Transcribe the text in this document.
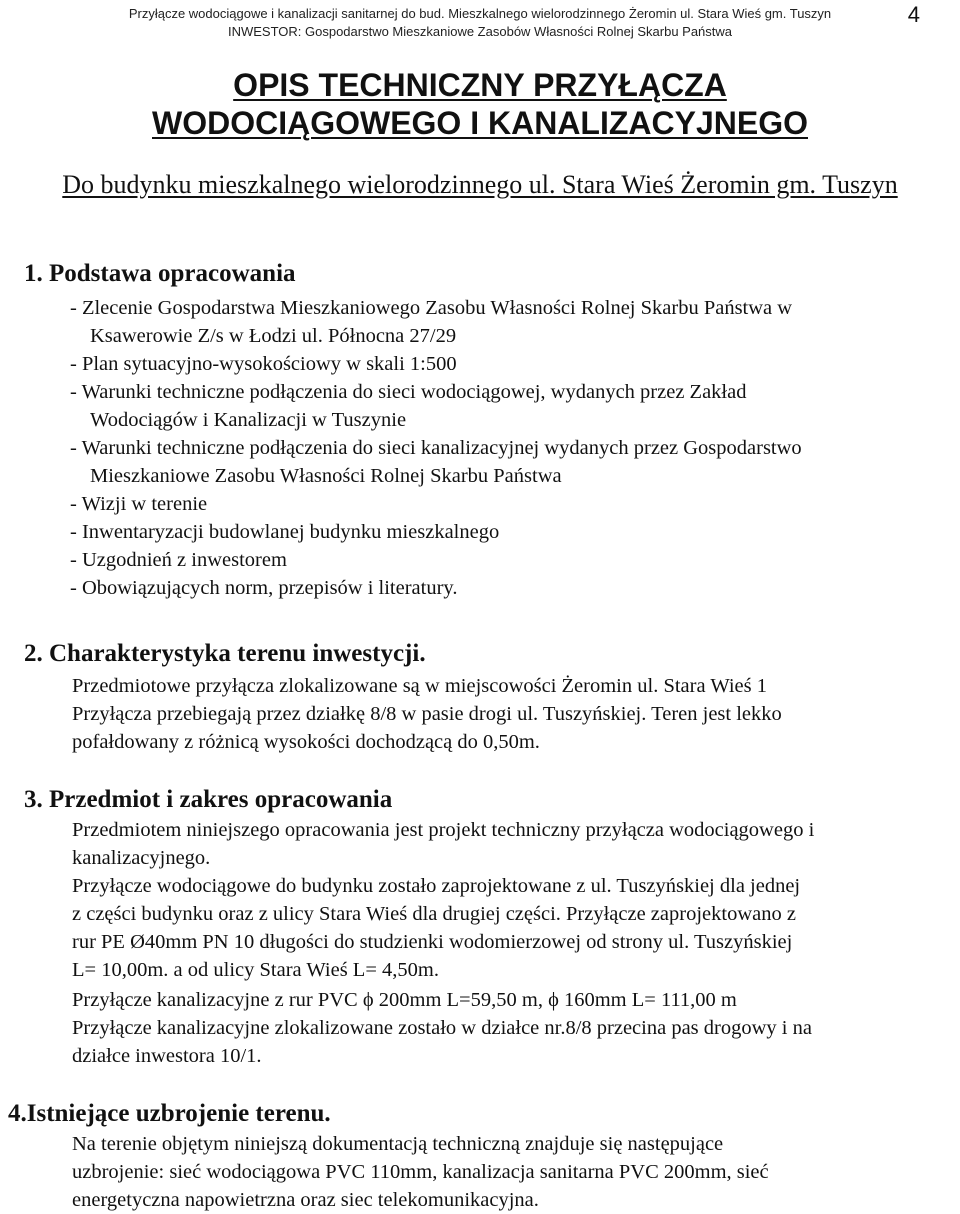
Przyłącze wodociągowe i kanalizacji sanitarnej do bud. Mieszkalnego wielorodzinnego Żeromin ul. Stara Wieś gm. Tuszyn
INWESTOR: Gospodarstwo Mieszkaniowe Zasobów Własności Rolnej Skarbu Państwa
4
OPIS TECHNICZNY PRZYŁĄCZA
WODOCIĄGOWEGO I KANALIZACYJNEGO
Do budynku mieszkalnego wielorodzinnego ul. Stara Wieś Żeromin gm. Tuszyn
1. Podstawa opracowania
- Zlecenie Gospodarstwa Mieszkaniowego Zasobu Własności Rolnej Skarbu Państwa w
Ksawerowie Z/s w Łodzi ul. Północna 27/29
- Plan sytuacyjno-wysokościowy w skali 1:500
- Warunki techniczne podłączenia do sieci wodociągowej, wydanych przez Zakład
Wodociągów i Kanalizacji w Tuszynie
- Warunki techniczne podłączenia do sieci kanalizacyjnej wydanych przez Gospodarstwo
Mieszkaniowe Zasobu Własności Rolnej Skarbu Państwa
- Wizji w terenie
- Inwentaryzacji budowlanej budynku mieszkalnego
- Uzgodnień z inwestorem
- Obowiązujących norm, przepisów i literatury.
2. Charakterystyka terenu inwestycji.
Przedmiotowe przyłącza zlokalizowane są w miejscowości Żeromin ul. Stara Wieś 1
Przyłącza przebiegają przez działkę 8/8 w pasie drogi ul. Tuszyńskiej. Teren jest lekko
pofałdowany z różnicą wysokości dochodzącą do 0,50m.
3. Przedmiot i zakres opracowania
Przedmiotem niniejszego opracowania jest projekt techniczny przyłącza wodociągowego i
kanalizacyjnego.
Przyłącze wodociągowe do budynku zostało zaprojektowane z ul. Tuszyńskiej dla jednej
z części budynku oraz z ulicy Stara Wieś dla drugiej części. Przyłącze zaprojektowano z
rur PE Ø40mm PN 10 długości do studzienki wodomierzowej od strony ul. Tuszyńskiej
L= 10,00m. a od ulicy Stara Wieś L= 4,50m.
Przyłącze kanalizacyjne z rur PVC ϕ 200mm L=59,50 m, ϕ 160mm L= 111,00 m
Przyłącze kanalizacyjne zlokalizowane zostało w działce nr.8/8 przecina pas drogowy i na
działce inwestora 10/1.
4.Istniejące uzbrojenie terenu.
Na terenie objętym niniejszą dokumentacją techniczną znajduje się następujące
uzbrojenie: sieć wodociągowa PVC 110mm, kanalizacja sanitarna PVC 200mm, sieć
energetyczna napowietrzna oraz siec telekomunikacyjna.
